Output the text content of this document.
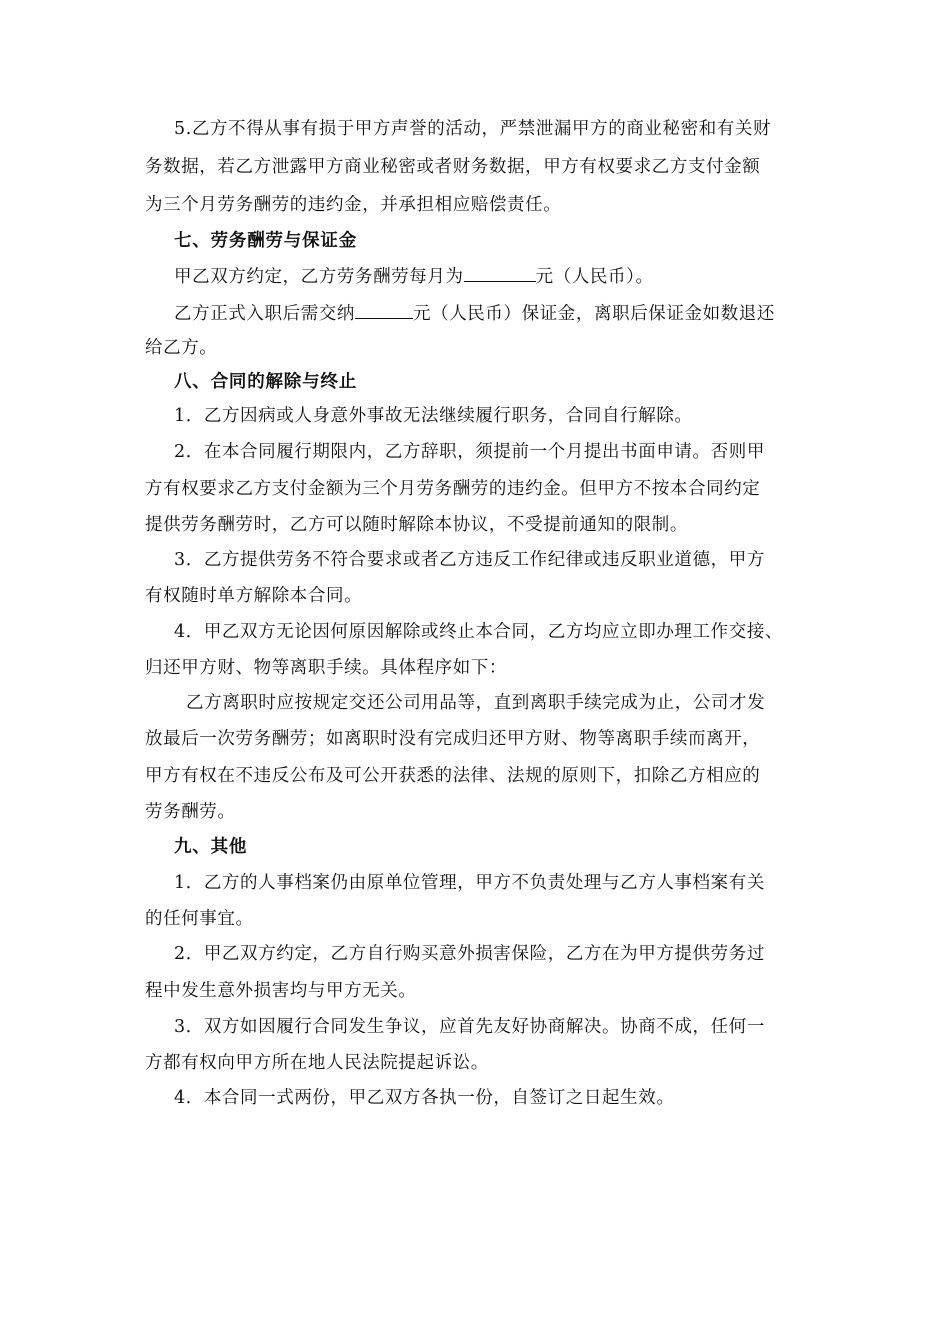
5.乙方不得从事有损于甲方声誉的活动，严禁泄漏甲方的商业秘密和有关财
务数据，若乙方泄露甲方商业秘密或者财务数据，甲方有权要求乙方支付金额
为三个月劳务酬劳的违约金，并承担相应赔偿责任。
七、劳务酬劳与保证金
甲乙双方约定，乙方劳务酬劳每月为	元（人民币）。
乙方正式入职后需交纳	元（人民币）保证金，离职后保证金如数退还
给乙方。
八、合同的解除与终止
1．乙方因病或人身意外事故无法继续履行职务，合同自行解除。
2．在本合同履行期限内，乙方辞职，须提前一个月提出书面申请。否则甲
方有权要求乙方支付金额为三个月劳务酬劳的违约金。但甲方不按本合同约定
提供劳务酬劳时，乙方可以随时解除本协议，不受提前通知的限制。
3．乙方提供劳务不符合要求或者乙方违反工作纪律或违反职业道德，甲方
有权随时单方解除本合同。
4．甲乙双方无论因何原因解除或终止本合同，乙方均应立即办理工作交接、
归还甲方财、物等离职手续。具体程序如下：
乙方离职时应按规定交还公司用品等，直到离职手续完成为止，公司才发
放最后一次劳务酬劳；如离职时没有完成归还甲方财、物等离职手续而离开，
甲方有权在不违反公布及可公开获悉的法律、法规的原则下，扣除乙方相应的
劳务酬劳。
九、其他
1．乙方的人事档案仍由原单位管理，甲方不负责处理与乙方人事档案有关
的任何事宜。
2．甲乙双方约定，乙方自行购买意外损害保险，乙方在为甲方提供劳务过
程中发生意外损害均与甲方无关。
3．双方如因履行合同发生争议，应首先友好协商解决。协商不成，任何一
方都有权向甲方所在地人民法院提起诉讼。
4．本合同一式两份，甲乙双方各执一份，自签订之日起生效。
